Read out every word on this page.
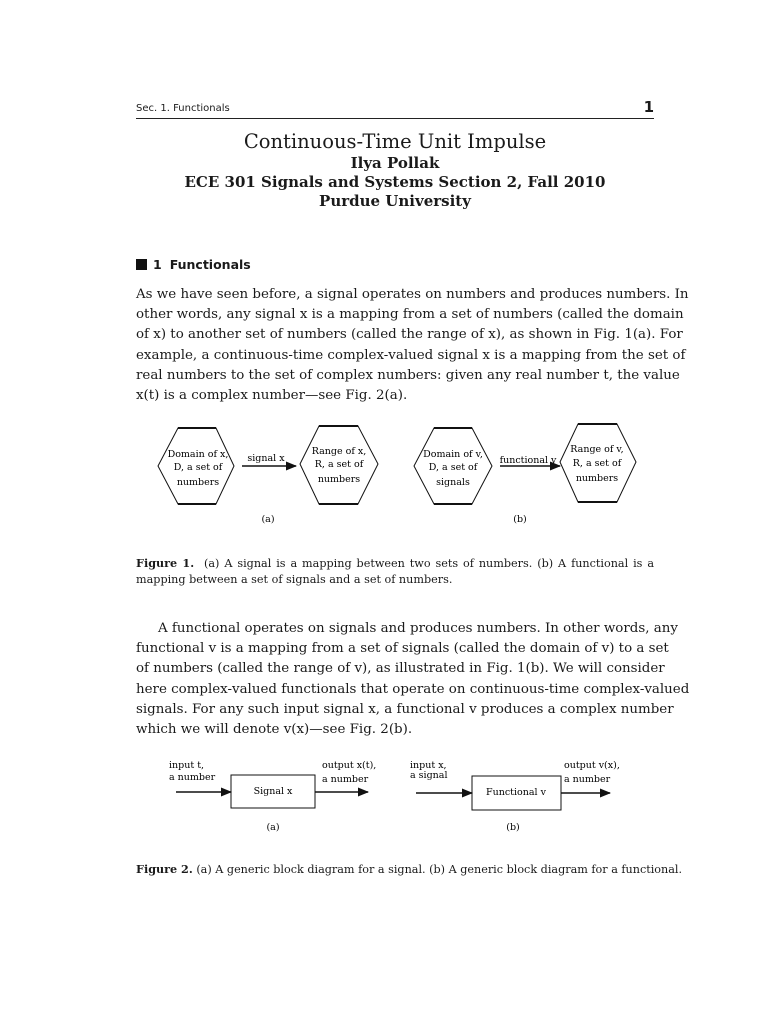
Sec. 1. Functionals	1
Continuous-Time Unit Impulse
Ilya Pollak
ECE 301 Signals and Systems Section 2, Fall 2010
Purdue University
1 Functionals
As we have seen before, a signal operates on numbers and produces numbers. In
other words, any signal x is a mapping from a set of numbers (called the domain
of x) to another set of numbers (called the range of x), as shown in Fig. 1(a). For
example, a continuous-time complex-valued signal x is a mapping from the set of
real numbers to the set of complex numbers: given any real number t, the value
x(t) is a complex number—see Fig. 2(a).
Domain of x,
D, a set of
numbers
signal x
Range of x,
R, a set of
numbers
(a)
Domain of v,
D, a set of
signals
functional v
Range of v,
R, a set of
numbers
(b)
Figure 1. (a) A signal is a mapping between two sets of numbers. (b) A functional is a
mapping between a set of signals and a set of numbers.
A functional operates on signals and produces numbers. In other words, any
functional v is a mapping from a set of signals (called the domain of v) to a set
of numbers (called the range of v), as illustrated in Fig. 1(b). We will consider
here complex-valued functionals that operate on continuous-time complex-valued
signals. For any such input signal x, a functional v produces a complex number
which we will denote v(x)—see Fig. 2(b).
input t,
a number
Signal x
output x(t),
a number
(a)
input x,
a signal
Functional v
output v(x),
a number
(b)
Figure 2. (a) A generic block diagram for a signal. (b) A generic block diagram for a functional.
